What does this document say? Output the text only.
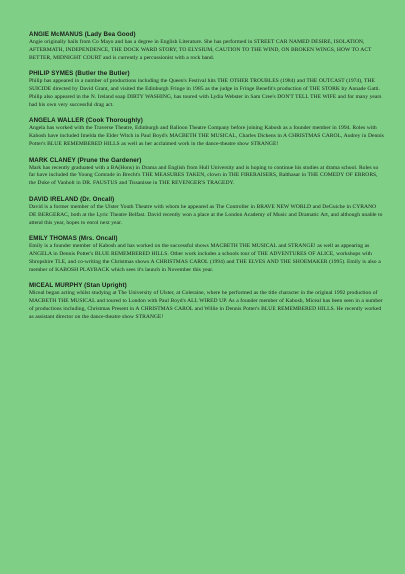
ANGIE McMANUS (Lady Bea Good)
Angie originally hails from Co Mayo and has a degree in English Literature. She has performed in STREET CAR NAMED DESIRE, ISOLATION, AFTERMATH, INDEPENDENCE, THE DOCK WARD STORY, TO ELYSIUM, CAUTION TO THE WIND, ON BROKEN WINGS, HOW TO ACT BETTER, MIDNIGHT COURT and is currently a percussionist with a rock band.
PHILIP SYMES (Butler the Butler)
Philip has appeared in a number of productions including the Queen's Festival hits THE OTHER TROUBLES (1984) and THE OUTCAST (1974), THE SUICIDE directed by David Grant, and visited the Edinburgh Fringe in 1985 as the judge in Fringe Benefit's production of THE STORK by Annade Gatti. Philip also appeared in the N. Ireland soap DIRTY WASHING, has toured with Lydia Webster in Sam Cree's DON'T TELL THE WIFE and for many years had his own very successful drag act.
ANGELA WALLER (Cook Thoroughly)
Angela has worked with the Traverse Theatre, Edinburgh and Balloon Theatre Company before joining Kabosh as a founder member in 1994. Roles with Kabosh have included Imelda the Elder Witch in Paul Boyd's MACBETH THE MUSICAL, Charles Dickens in A CHRISTMAS CAROL, Audrey in Dennis Potter's BLUE REMEMBERED HILLS as well as her acclaimed work in the dance-theatre show STRANGE!
MARK CLANEY (Prune the Gardener)
Mark has recently graduated with a BA(Hons) in Drama and English from Hull University and is hoping to continue his studies at drama school. Roles so far have included the Young Comrade in Brecht's THE MEASURES TAKEN, clown in THE FIRERAISERS, Balthasar in THE COMEDY OF ERRORS, the Duke of Vanholt in DR. FAUSTUS and Tissanisse in THE REVENGER'S TRAGEDY.
DAVID IRELAND (Dr. Oncall)
David is a former member of the Ulster Youth Theatre with whom he appeared as The Controller in BRAVE NEW WORLD and DeGuiche in CYRANO DE BERGERAC, both at the Lyric Theatre Belfast. David recently won a place at the London Academy of Music and Dramatic Art, and although unable to attend this year, hopes to enrol next year.
EMILY THOMAS (Mrs. Oncall)
Emily is a founder member of Kabosh and has worked on the successful shows MACBETH THE MUSICAL and STRANGE! as well as appearing as ANGELA in Dennis Potter's BLUE REMEMBERED HILLS. Other work includes a schools tour of THE ADVENTURES OF ALICE, workshops with Shropshire TLE, and co-writing the Christmas shows A CHRISTMAS CAROL (1994) and THE ELVES AND THE SHOEMAKER (1995). Emily is also a member of KABOSH PLAYBACK which sees it's launch in November this year.
MICEAL MURPHY (Stan Upright)
Miceal began acting whilst studying at The University of Ulster, at Coleraine, where he performed as the title character in the original 1992 production of MACBETH THE MUSICAL and toured to London with Paul Boyd's ALL WIRED UP. As a founder member of Kabosh, Miceal has been seen in a number of productions including, Christmas Present in A CHRISTMAS CAROL and Willie in Dennis Potter's BLUE REMEMBERED HILLS. He recently worked as assistant director on the dance-theatre show STRANGE!
